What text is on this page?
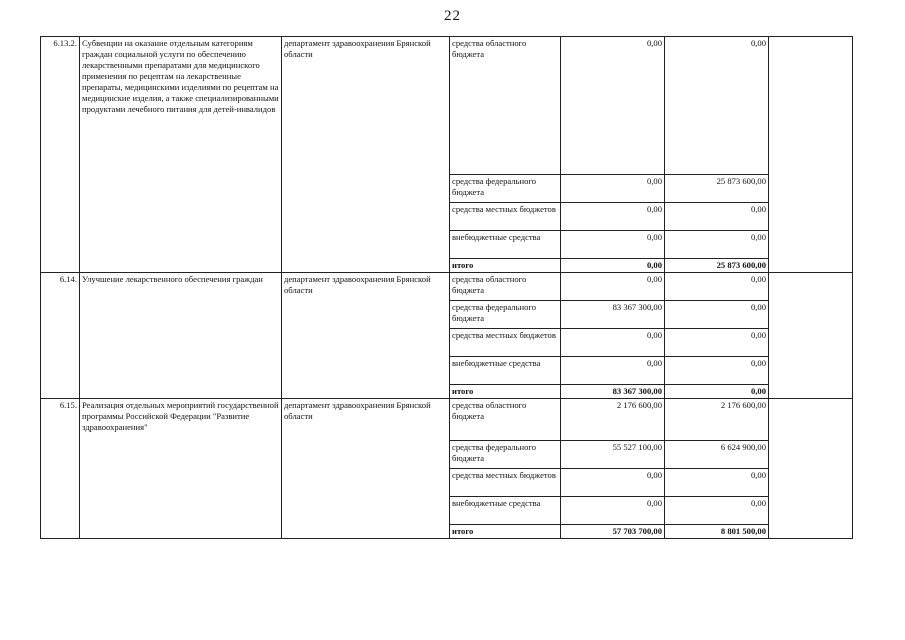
22
6.13.2.	Субвенции на оказание отдельным категориям граждан социальной услуги по обеспечению лекарственными препаратами для медицинского применения по рецептам на лекарственные препараты, медицинскими изделиями по рецептам на медицинские изделия, а также специализированными продуктами лечебного питания для детей-инвалидов	департамент здравоохранения Брянской области	средства областного бюджета	0,00	0,00	
			средства федерального бюджета	0,00	25 873 600,00	
			средства местных бюджетов	0,00	0,00	
			внебюджетные средства	0,00	0,00	
			итого	0,00	25 873 600,00	
6.14.	Улучшение лекарственного обеспечения граждан	департамент здравоохранения Брянской области	средства областного бюджета	0,00	0,00	
			средства федерального бюджета	83 367 300,00	0,00	
			средства местных бюджетов	0,00	0,00	
			внебюджетные средства	0,00	0,00	
			итого	83 367 300,00	0,00	
6.15.	Реализация отдельных мероприятий государственной программы Российской Федерации "Развитие здравоохранения"	департамент здравоохранения Брянской области	средства областного бюджета	2 176 600,00	2 176 600,00	
			средства федерального бюджета	55 527 100,00	6 624 900,00	
			средства местных бюджетов	0,00	0,00	
			внебюджетные средства	0,00	0,00	
			итого	57 703 700,00	8 801 500,00	
